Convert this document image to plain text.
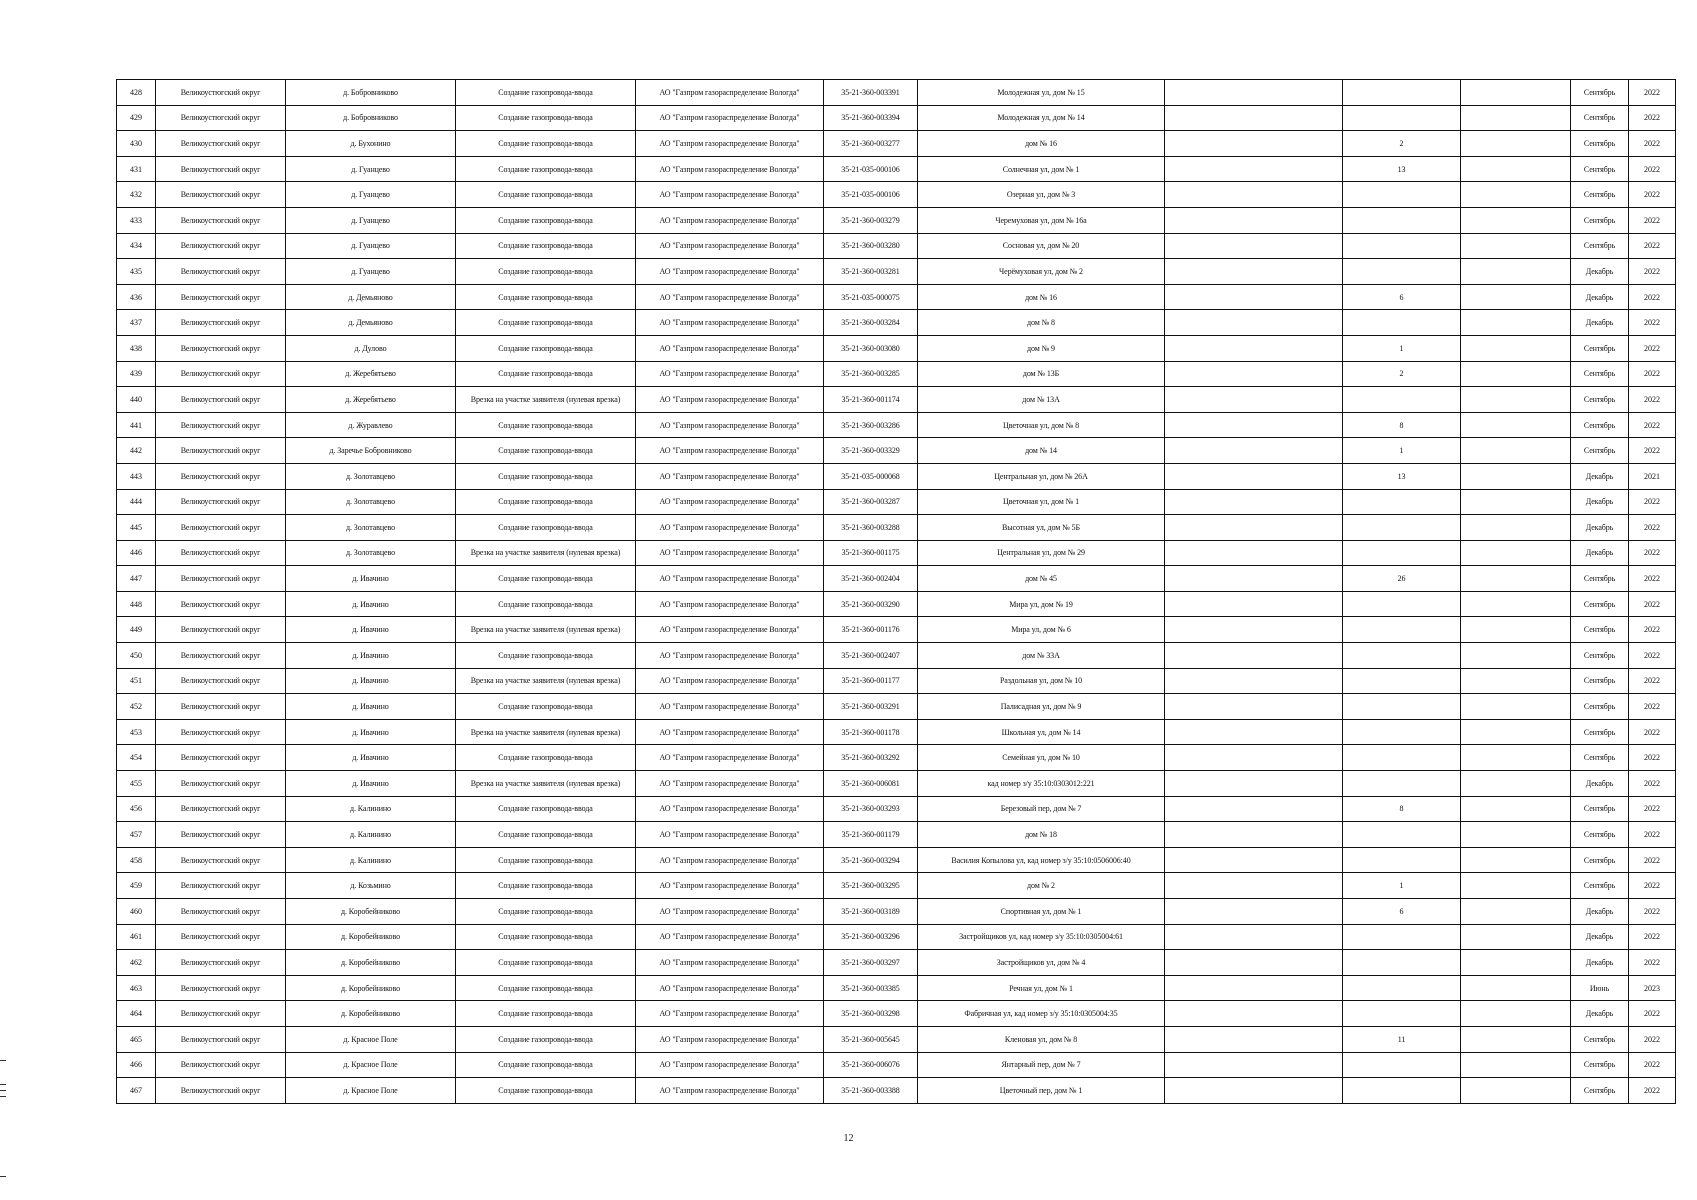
428	Великоустюгский округ	д. Бобровниково	Создание газопровода-ввода	АО "Газпром газораспределение Вологда"	35-21-360-003391	Молодежная ул, дом № 15				Сентябрь	2022
429	Великоустюгский округ	д. Бобровниково	Создание газопровода-ввода	АО "Газпром газораспределение Вологда"	35-21-360-003394	Молодежная ул, дом № 14				Сентябрь	2022
430	Великоустюгский округ	д. Бухонино	Создание газопровода-ввода	АО "Газпром газораспределение Вологда"	35-21-360-003277	дом № 16		2		Сентябрь	2022
431	Великоустюгский округ	д. Гуанцево	Создание газопровода-ввода	АО "Газпром газораспределение Вологда"	35-21-035-000106	Солнечная ул, дом № 1		13		Сентябрь	2022
432	Великоустюгский округ	д. Гуанцево	Создание газопровода-ввода	АО "Газпром газораспределение Вологда"	35-21-035-000106	Озерная ул, дом № 3				Сентябрь	2022
433	Великоустюгский округ	д. Гуанцево	Создание газопровода-ввода	АО "Газпром газораспределение Вологда"	35-21-360-003279	Черемуховая ул, дом № 16а				Сентябрь	2022
434	Великоустюгский округ	д. Гуанцево	Создание газопровода-ввода	АО "Газпром газораспределение Вологда"	35-21-360-003280	Сосновая ул, дом № 20				Сентябрь	2022
435	Великоустюгский округ	д. Гуанцево	Создание газопровода-ввода	АО "Газпром газораспределение Вологда"	35-21-360-003281	Черёмуховая ул, дом № 2				Декабрь	2022
436	Великоустюгский округ	д. Демьяново	Создание газопровода-ввода	АО "Газпром газораспределение Вологда"	35-21-035-000075	дом № 16		6		Декабрь	2022
437	Великоустюгский округ	д. Демьяново	Создание газопровода-ввода	АО "Газпром газораспределение Вологда"	35-21-360-003284	дом № 8				Декабрь	2022
438	Великоустюгский округ	д. Дулово	Создание газопровода-ввода	АО "Газпром газораспределение Вологда"	35-21-360-003080	дом № 9		1		Сентябрь	2022
439	Великоустюгский округ	д. Жеребятьево	Создание газопровода-ввода	АО "Газпром газораспределение Вологда"	35-21-360-003285	дом № 13Б		2		Сентябрь	2022
440	Великоустюгский округ	д. Жеребятьево	Врезка на участке заявителя (нулевая врезка)	АО "Газпром газораспределение Вологда"	35-21-360-001174	дом № 13А				Сентябрь	2022
441	Великоустюгский округ	д. Журавлево	Создание газопровода-ввода	АО "Газпром газораспределение Вологда"	35-21-360-003286	Цветочная ул, дом № 8		8		Сентябрь	2022
442	Великоустюгский округ	д. Заречье Бобровниково	Создание газопровода-ввода	АО "Газпром газораспределение Вологда"	35-21-360-003329	дом № 14		1		Сентябрь	2022
443	Великоустюгский округ	д. Золотавцево	Создание газопровода-ввода	АО "Газпром газораспределение Вологда"	35-21-035-000068	Центральная ул, дом № 26А		13		Декабрь	2021
444	Великоустюгский округ	д. Золотавцево	Создание газопровода-ввода	АО "Газпром газораспределение Вологда"	35-21-360-003287	Цветочная ул, дом № 1				Декабрь	2022
445	Великоустюгский округ	д. Золотавцево	Создание газопровода-ввода	АО "Газпром газораспределение Вологда"	35-21-360-003288	Высотная ул, дом № 5Б				Декабрь	2022
446	Великоустюгский округ	д. Золотавцево	Врезка на участке заявителя (нулевая врезка)	АО "Газпром газораспределение Вологда"	35-21-360-001175	Центральная ул, дом № 29				Декабрь	2022
447	Великоустюгский округ	д. Ивачино	Создание газопровода-ввода	АО "Газпром газораспределение Вологда"	35-21-360-002404	дом № 45		26		Сентябрь	2022
448	Великоустюгский округ	д. Ивачино	Создание газопровода-ввода	АО "Газпром газораспределение Вологда"	35-21-360-003290	Мира ул, дом № 19				Сентябрь	2022
449	Великоустюгский округ	д. Ивачино	Врезка на участке заявителя (нулевая врезка)	АО "Газпром газораспределение Вологда"	35-21-360-001176	Мира ул, дом № 6				Сентябрь	2022
450	Великоустюгский округ	д. Ивачино	Создание газопровода-ввода	АО "Газпром газораспределение Вологда"	35-21-360-002407	дом № 33А				Сентябрь	2022
451	Великоустюгский округ	д. Ивачино	Врезка на участке заявителя (нулевая врезка)	АО "Газпром газораспределение Вологда"	35-21-360-001177	Раздольная ул, дом № 10				Сентябрь	2022
452	Великоустюгский округ	д. Ивачино	Создание газопровода-ввода	АО "Газпром газораспределение Вологда"	35-21-360-003291	Палисадная ул, дом № 9				Сентябрь	2022
453	Великоустюгский округ	д. Ивачино	Врезка на участке заявителя (нулевая врезка)	АО "Газпром газораспределение Вологда"	35-21-360-001178	Школьная ул, дом № 14				Сентябрь	2022
454	Великоустюгский округ	д. Ивачино	Создание газопровода-ввода	АО "Газпром газораспределение Вологда"	35-21-360-003292	Семейная ул, дом № 10				Сентябрь	2022
455	Великоустюгский округ	д. Ивачино	Врезка на участке заявителя (нулевая врезка)	АО "Газпром газораспределение Вологда"	35-21-360-006081	кад номер з/у 35:10:0303012:221				Декабрь	2022
456	Великоустюгский округ	д. Калинино	Создание газопровода-ввода	АО "Газпром газораспределение Вологда"	35-21-360-003293	Березовый пер, дом № 7		8		Сентябрь	2022
457	Великоустюгский округ	д. Калинино	Создание газопровода-ввода	АО "Газпром газораспределение Вологда"	35-21-360-001179	дом № 18				Сентябрь	2022
458	Великоустюгский округ	д. Калинино	Создание газопровода-ввода	АО "Газпром газораспределение Вологда"	35-21-360-003294	Василия Копылова ул, кад номер з/у 35:10:0506006:40				Сентябрь	2022
459	Великоустюгский округ	д. Козьмино	Создание газопровода-ввода	АО "Газпром газораспределение Вологда"	35-21-360-003295	дом № 2		1		Сентябрь	2022
460	Великоустюгский округ	д. Коробейниково	Создание газопровода-ввода	АО "Газпром газораспределение Вологда"	35-21-360-003189	Спортивная ул, дом № 1		6		Декабрь	2022
461	Великоустюгский округ	д. Коробейниково	Создание газопровода-ввода	АО "Газпром газораспределение Вологда"	35-21-360-003296	Застройщиков ул, кад номер з/у 35:10:0305004:61				Декабрь	2022
462	Великоустюгский округ	д. Коробейниково	Создание газопровода-ввода	АО "Газпром газораспределение Вологда"	35-21-360-003297	Застройщиков ул, дом № 4				Декабрь	2022
463	Великоустюгский округ	д. Коробейниково	Создание газопровода-ввода	АО "Газпром газораспределение Вологда"	35-21-360-003385	Речная ул, дом № 1				Июнь	2023
464	Великоустюгский округ	д. Коробейниково	Создание газопровода-ввода	АО "Газпром газораспределение Вологда"	35-21-360-003298	Фабричная ул, кад номер з/у 35:10:0305004:35				Декабрь	2022
465	Великоустюгский округ	д. Красное Поле	Создание газопровода-ввода	АО "Газпром газораспределение Вологда"	35-21-360-005645	Кленовая ул, дом № 8		11		Сентябрь	2022
466	Великоустюгский округ	д. Красное Поле	Создание газопровода-ввода	АО "Газпром газораспределение Вологда"	35-21-360-006076	Янтарный пер, дом № 7				Сентябрь	2022
467	Великоустюгский округ	д. Красное Поле	Создание газопровода-ввода	АО "Газпром газораспределение Вологда"	35-21-360-003388	Цветочный пер, дом № 1				Сентябрь	2022
12
